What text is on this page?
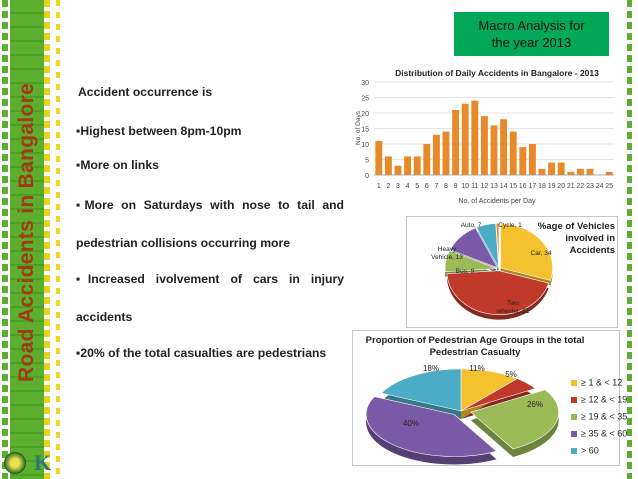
Road Accidents in Bangalore
K
Macro Analysis for
the year 2013
Accident occurrence is
▪Highest between 8pm-10pm
▪More on links
▪More on Saturdays with nose to tail and
pedestrian collisions occurring more
▪Increased ivolvement of cars in injury
accidents
▪20% of the total casualties are pedestrians
Distribution of Daily Accidents in Bangalore - 2013
0
5
10
15
20
25
30
1 2 3 4 5 6 7 8 9 10 11 12 13 14 15 16 17 18 19 20 21 22 23 24 25
No. of Accidents per Day
No. of Days
Car, 34
Two wheeler, 51
Bus, 9
Heavy Vehicle, 13
Auto, 7	Cycle, 1	%age of Vehicles
involved in
Accidents
Proportion of Pedestrian Age Groups in the total
Pedestrian Casualty
11%
5%
26%
40%
18%
≥ 1 & < 12
≥ 12 & < 19
≥ 19 & < 35
≥ 35 & < 60
> 60
